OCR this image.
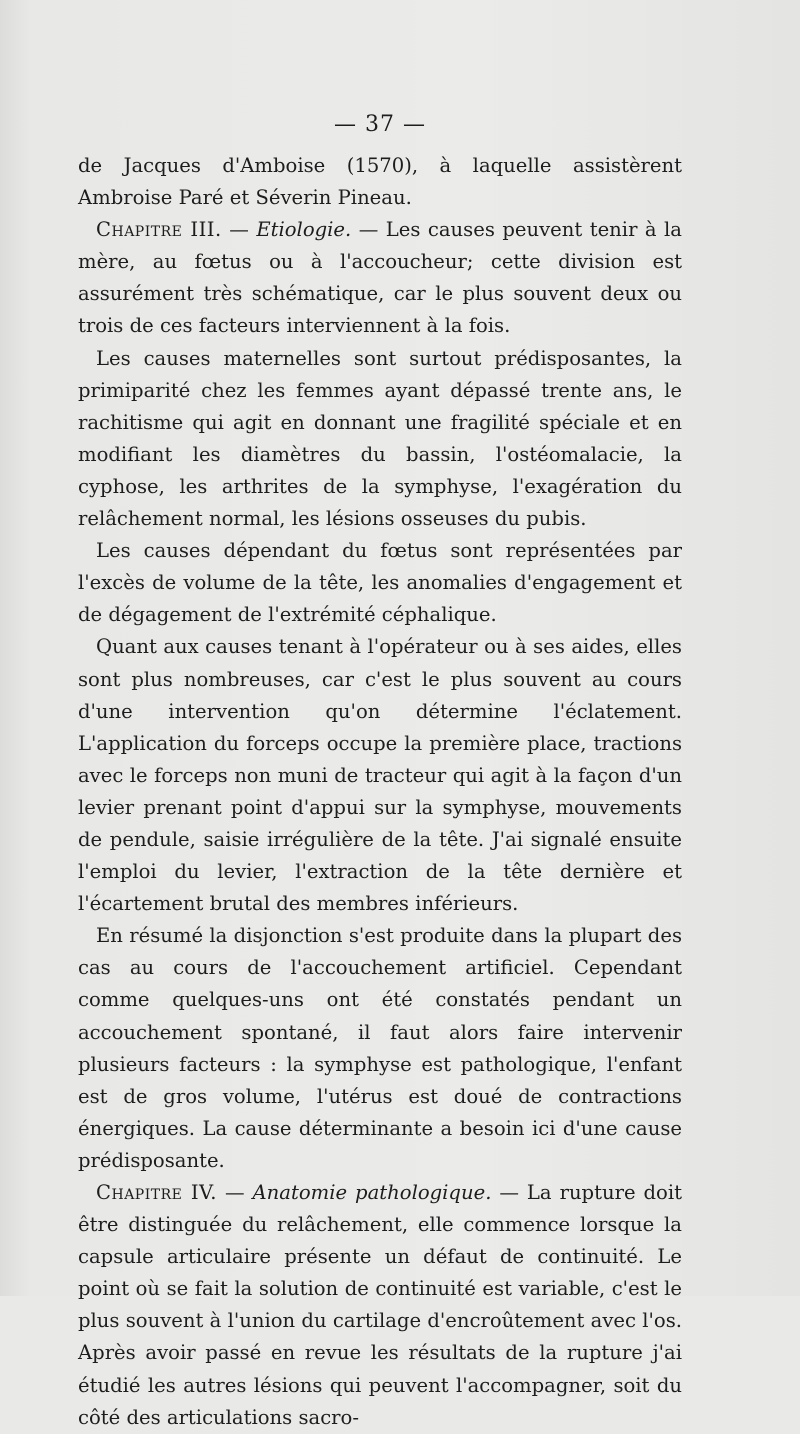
— 37 —

de Jacques d'Amboise (1570), à laquelle assistèrent Ambroise Paré et Séverin Pineau.

Chapitre III. — Etiologie. — Les causes peuvent tenir à la mère, au fœtus ou à l'accoucheur; cette division est assurément très schématique, car le plus souvent deux ou trois de ces facteurs interviennent à la fois.

Les causes maternelles sont surtout prédisposantes, la primiparité chez les femmes ayant dépassé trente ans, le rachitisme qui agit en donnant une fragilité spéciale et en modifiant les diamètres du bassin, l'ostéomalacie, la cyphose, les arthrites de la symphyse, l'exagération du relâchement normal, les lésions osseuses du pubis.

Les causes dépendant du fœtus sont représentées par l'excès de volume de la tête, les anomalies d'engagement et de dégagement de l'extrémité céphalique.

Quant aux causes tenant à l'opérateur ou à ses aides, elles sont plus nombreuses, car c'est le plus souvent au cours d'une intervention qu'on détermine l'éclatement. L'application du forceps occupe la première place, tractions avec le forceps non muni de tracteur qui agit à la façon d'un levier prenant point d'appui sur la symphyse, mouvements de pendule, saisie irrégulière de la tête. J'ai signalé ensuite l'emploi du levier, l'extraction de la tête dernière et l'écartement brutal des membres inférieurs.

En résumé la disjonction s'est produite dans la plupart des cas au cours de l'accouchement artificiel. Cependant comme quelques-uns ont été constatés pendant un accouchement spontané, il faut alors faire intervenir plusieurs facteurs : la symphyse est pathologique, l'enfant est de gros volume, l'utérus est doué de contractions énergiques. La cause déterminante a besoin ici d'une cause prédisposante.

Chapitre IV. — Anatomie pathologique. — La rupture doit être distinguée du relâchement, elle commence lorsque la capsule articulaire présente un défaut de continuité. Le point où se fait la solution de continuité est variable, c'est le plus souvent à l'union du cartilage d'encroûtement avec l'os. Après avoir passé en revue les résultats de la rupture j'ai étudié les autres lésions qui peuvent l'accompagner, soit du côté des articulations sacro-
